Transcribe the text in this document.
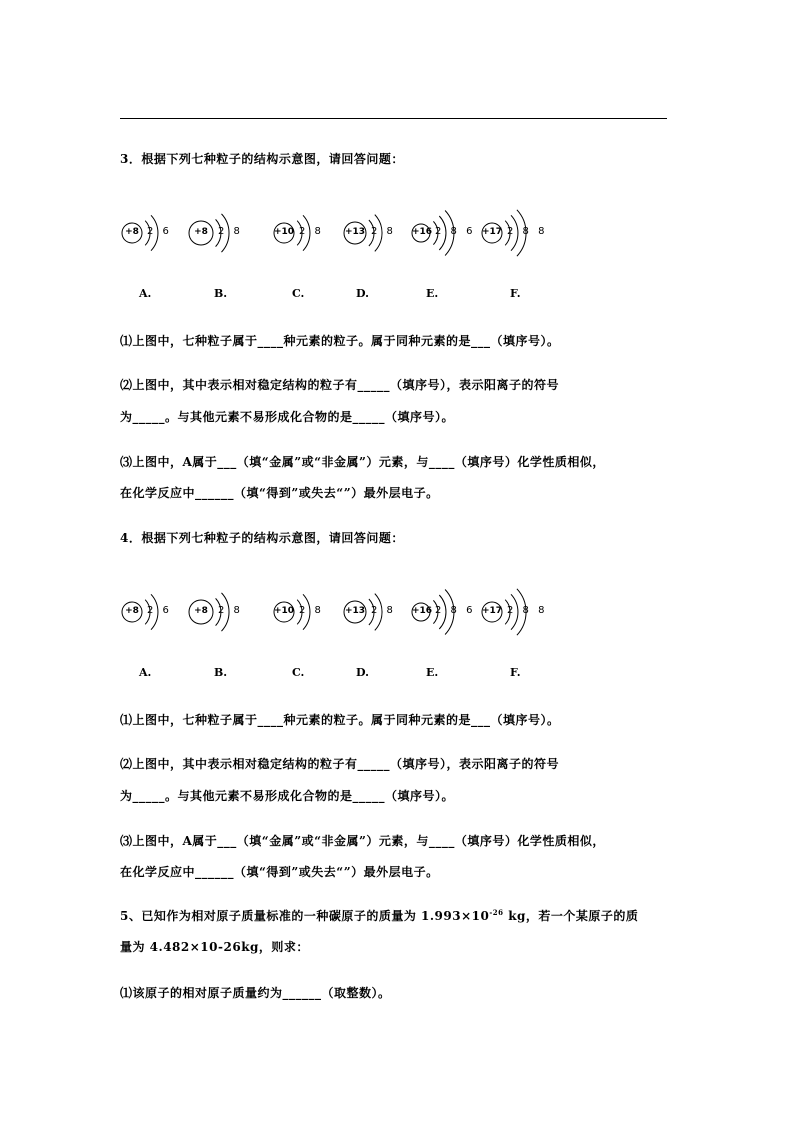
3．根据下列七种粒子的结构示意图，请回答问题：
+8 2 6
A.
+8	2 8
B.
+10 2 8
C.
+13 2 8
D.
+16 2 8 6
E.
+17 2 8 8
F.
⑴上图中，七种粒子属于____种元素的粒子。属于同种元素的是___（填序号）。
⑵上图中，其中表示相对稳定结构的粒子有_____（填序号），表示阳离子的符号
为_____。与其他元素不易形成化合物的是_____（填序号）。
⑶上图中，A属于___（填“金属”或“非金属”）元素，与____（填序号）化学性质相似，
在化学反应中______（填“得到”或失去“”）最外层电子。
4．根据下列七种粒子的结构示意图，请回答问题：
+8 2 6
A.
+8	2 8
B.
+10 2 8
C.
+13 2 8
D.
+16 2 8 6
E.
+17 2 8 8
F.
⑴上图中，七种粒子属于____种元素的粒子。属于同种元素的是___（填序号）。
⑵上图中，其中表示相对稳定结构的粒子有_____（填序号），表示阳离子的符号
为_____。与其他元素不易形成化合物的是_____（填序号）。
⑶上图中，A属于___（填“金属”或“非金属”）元素，与____（填序号）化学性质相似，
在化学反应中______（填“得到”或失去“”）最外层电子。
5、已知作为相对原子质量标准的一种碳原子的质量为 $1.993\times 10^{-26}$ kg，若一个某原子的质
量为 4.482×10-26kg，则求：
⑴该原子的相对原子质量约为______（取整数）。
